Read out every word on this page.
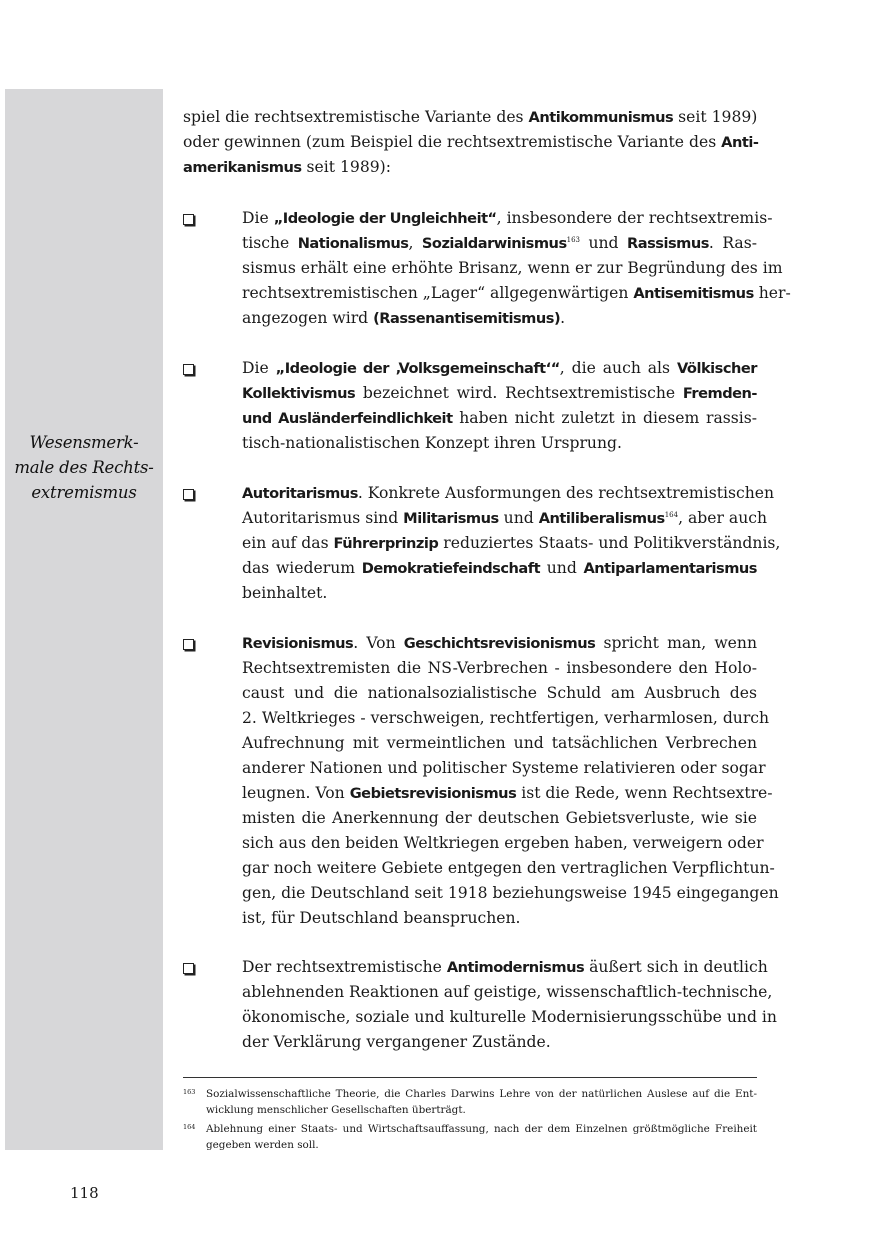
Wesensmerk-
male des Rechts-
extremismus
spiel die rechtsextremistische Variante des Antikommunismus seit 1989)
oder gewinnen (zum Beispiel die rechtsextremistische Variante des Anti-
amerikanismus seit 1989):
Die „Ideologie der Ungleichheit“, insbesondere der rechtsextremis-
tische Nationalismus, Sozialdarwinismus$^{163}$ und Rassismus. Ras-
sismus erhält eine erhöhte Brisanz, wenn er zur Begründung des im
rechtsextremistischen „Lager“ allgegenwärtigen Antisemitismus her-
angezogen wird (Rassenantisemitismus).
Die „Ideologie der ‚Volksgemeinschaft‘“, die auch als Völkischer
Kollektivismus bezeichnet wird. Rechtsextremistische Fremden-
und Ausländerfeindlichkeit haben nicht zuletzt in diesem rassis-
tisch-nationalistischen Konzept ihren Ursprung.
Autoritarismus. Konkrete Ausformungen des rechtsextremistischen
Autoritarismus sind Militarismus und Antiliberalismus$^{164}$, aber auch
ein auf das Führerprinzip reduziertes Staats- und Politikverständnis,
das wiederum Demokratiefeindschaft und Antiparlamentarismus
beinhaltet.
Revisionismus. Von Geschichtsrevisionismus spricht man, wenn
Rechtsextremisten die NS-Verbrechen - insbesondere den Holo-
caust und die nationalsozialistische Schuld am Ausbruch des
2. Weltkrieges - verschweigen, rechtfertigen, verharmlosen, durch
Aufrechnung mit vermeintlichen und tatsächlichen Verbrechen
anderer Nationen und politischer Systeme relativieren oder sogar
leugnen. Von Gebietsrevisionismus ist die Rede, wenn Rechtsextre-
misten die Anerkennung der deutschen Gebietsverluste, wie sie
sich aus den beiden Weltkriegen ergeben haben, verweigern oder
gar noch weitere Gebiete entgegen den vertraglichen Verpflichtun-
gen, die Deutschland seit 1918 beziehungsweise 1945 eingegangen
ist, für Deutschland beanspruchen.
Der rechtsextremistische Antimodernismus äußert sich in deutlich
ablehnenden Reaktionen auf geistige, wissenschaftlich-technische,
ökonomische, soziale und kulturelle Modernisierungsschübe und in
der Verklärung vergangener Zustände.
163 Sozialwissenschaftliche Theorie, die Charles Darwins Lehre von der natürlichen Auslese auf die Ent-
wicklung menschlicher Gesellschaften überträgt.
164 Ablehnung einer Staats- und Wirtschaftsauffassung, nach der dem Einzelnen größtmögliche Freiheit
gegeben werden soll.
118
